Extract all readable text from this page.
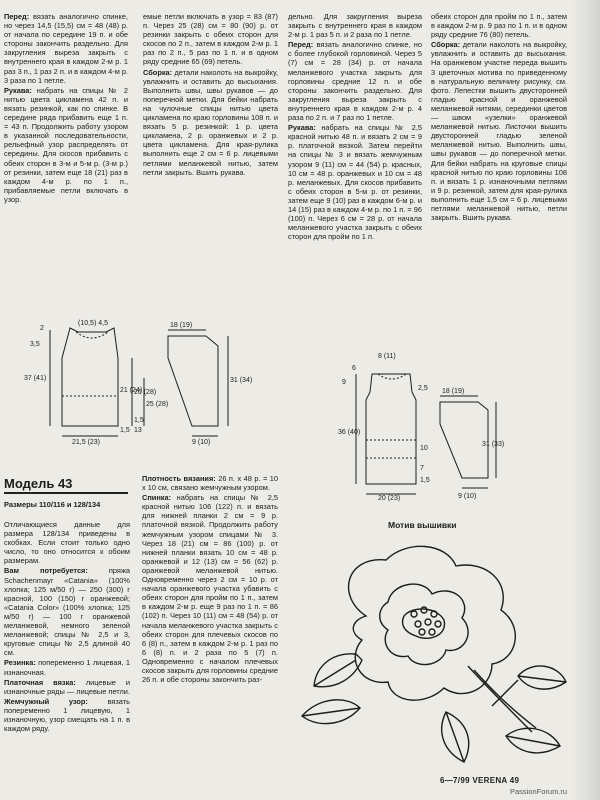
Перед: вязать аналогично спинке, но через 14,5 (15,5) см = 48 (48) р. от начала по середине 19 п. и обе стороны закончить раздельно. Для закругления выреза закрыть с внутреннего края в каждом 2-м р. 1 раз 3 п., 1 раз 2 п. и в каждом 4-м р. 3 раза по 1 петле.

Рукава: набрать на спицы № 2 нитью цвета цикламена 42 п. и вязать резинкой, как по спинке. В середине ряда прибавить еще 1 п. = 43 п. Продолжить работу узором в указанной последовательности, рельефный узор распределять от середины. Для скосов прибавить с обеих сторон в 3-м и 5-м р. (3-м р.) от резинки, затем еще 18 (21) раз в каждом 4-м р. по 1 п., прибавляемые петли включать в узор.

емые петли включать в узор = 83 (87) п. Через 25 (28) см = 80 (90) р. от резинки закрыть с обеих сторон для скосов по 2 п., затем в каждом 2-м р. 1 раз по 2 п., 5 раз по 1 п. и в одном ряду средние 65 (69) петель.

Сборка: детали наколоть на выкройку, увлажнить и оставить до высыхания. Выполнить швы, швы рукавов — до поперечной метки. Для бейки набрать на чулочные спицы нитью цвета цикламена по краю горловины 108 п. и вязать 5 р. резинкой: 1 р. цвета цикламена, 2 р. оранжевых и 2 р. цвета цикламена. Для края-рулика выполнить еще 2 см = 6 р. лицевыми петлями меланжевой нитью, затем петли закрыть. Вшить рукава.

дельно. Для закругления выреза закрыть с внутреннего края в каждом 2-м р. 1 раз 5 п. и 2 раза по 1 петле.

Перед: вязать аналогично спинке, но с более глубокой горловиной. Через 5 (7) см = 28 (34) р. от начала меланжевого участка закрыть для горловины средние 12 п. и обе стороны закончить раздельно. Для закругления выреза закрыть с внутреннего края в каждом 2-м р. 4 раза по 2 п. и 7 раз по 1 петле.

Рукава: набрать на спицы № 2,5 красной нитью 48 п. и вязать 2 см = 9 р. платочной вязкой. Затем перейти на спицы № 3 и вязать жемчужным узором 9 (11) см = 44 (54) р. красных, 10 см = 48 р. оранжевых и 10 см = 48 р. меланжевых. Для скосов прибавить с обеих сторон в 5-м р. от резинки, затем еще 9 (10) раз в каждом 6-м р. и 14 (15) раз в каждом 4-м р. по 1 п. = 96 (100) п. Через 6 см = 28 р. от начала меланжевого участка закрыть с обеих сторон для пройм по 1 п.

обеих сторон для пройм по 1 п., затем в каждом 2-м р. 9 раз по 1 п. и в одном ряду средние 76 (80) петель.

Сборка: детали наколоть на выкройку, увлажнить и оставить до высыхания. На оранжевом участке переда вышить 3 цветочных мотива по приведенному в натуральную величину рисунку, см. фото. Лепестки вышить двусторонней гладью красной и оранжевой меланжевой нитями, серединки цветов — швом «узелки» оранжевой меланжевой нитью. Листочки вышить двусторонней гладью зеленой меланжевой нитью. Выполнить швы, швы рукавов — до поперечной метки. Для бейки набрать на круговые спицы красной нитью по краю горловины 108 п. и вязать 1 р. изнаночными петлями и 9 р. резинкой, затем для края-рулика выполнить еще 1,5 см = 6 р. лицевыми петлями меланжевой нитью, петли закрыть. Вшить рукава.

(10,5) 4,5
2
3,5
37 (41)
21 (24)
1,5
21,5 (23)
26 (28)
25 (28)
18 (19)
31 (34)
9 (10)
1,5
13
8 (11)
6
9
2,5
36 (40)
10
7
20 (23)
18 (19)
31 (33)
9 (10)
1,5
Модель 43
Размеры 110/116 и 128/134

Отличающиеся данные для размера 128/134 приведены в скобках. Если стоит только одно число, то оно относится к обоим размерам.

Вам потребуется:	пряжа Schachenmayr «Catania» (100% хлопка; 125 м/50 г) — 250 (300) г красной, 100 (150) г оранжевой; «Catania Color» (100% хлопка; 125 м/50 г) — 100 г оранжевой меланжевой, немного зеленой меланжевой; спицы № 2,5 и 3, круговые спицы № 2,5 длиной 40 см.

Резинка: попеременно 1 лицевая, 1 изнаночная.

Платочная вязка: лицевые и изнаночные ряды — лицевые петли.

Жемчужный узор:	вязать попеременно 1 лицевую, 1 изнаночную, узор смещать на 1 п. в каждом ряду.

Плотность вязания: 26 п. х 48 р. = 10 х 10 см, связано жемчужным узором.

Спинка: набрать на спицы № 2,5 красной нитью 106 (122) п. и вязать для нижней планки 2 см = 9 р. платочной вязкой. Продолжить работу жемчужным узором спицами № 3. Через 18 (21) см = 86 (100) р. от нижней планки вязать 10 см = 48 р. оранжевой и 12 (13) см = 56 (62) р. оранжевой меланжевой нитью. Одновременно через 2 см = 10 р. от начала оранжевого участка убавить с обеих сторон для пройм по 1 п., затем в каждом 2-м р. еще 9 раз по 1 п. = 86 (102) п. Через 10 (11) см = 48 (54) р. от начала меланжевого участка закрыть с обеих сторон для плечевых скосов по 6 (8) п., затем в каждом 2-м р. 1 раз по 6 (8) п. и 2 раза по 5 (7) п. Одновременно с началом плечевых скосов закрыть для горловины средние 26 п. и обе стороны закончить раз-

Мотив вышивки
6—7/99 VERENA 49
PassionForum.ru
